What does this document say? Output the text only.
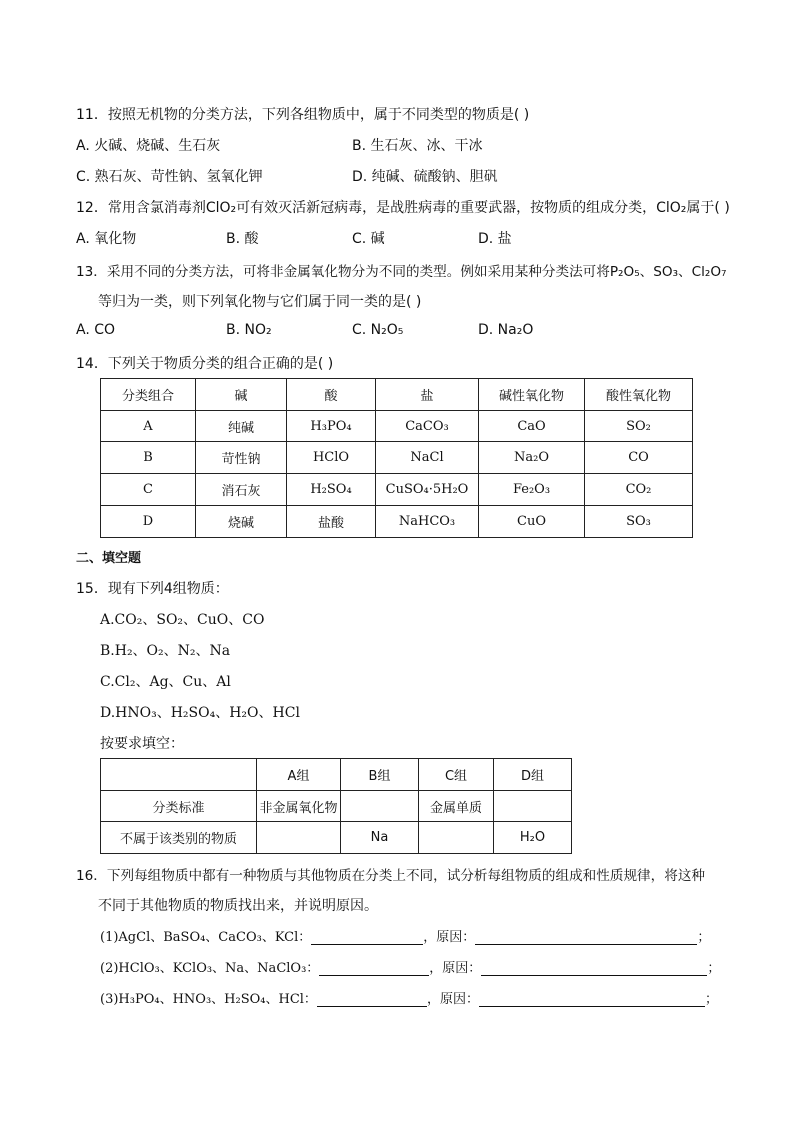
11．按照无机物的分类方法，下列各组物质中，属于不同类型的物质是( )
A. 火碱、烧碱、生石灰	B. 生石灰、冰、干冰
C. 熟石灰、苛性钠、氢氧化钾	D. 纯碱、硫酸钠、胆矾
12．常用含氯消毒剂ClO₂可有效灭活新冠病毒，是战胜病毒的重要武器，按物质的组成分类，ClO₂属于( )
A. 氧化物	B. 酸	C. 碱	D. 盐
13．采用不同的分类方法，可将非金属氧化物分为不同的类型。例如采用某种分类法可将P₂O₅、SO₃、Cl₂O₇
等归为一类，则下列氧化物与它们属于同一类的是( )
A. CO	B. NO₂	C. N₂O₅	D. Na₂O
14．下列关于物质分类的组合正确的是( )
分类组合	碱	酸	盐	碱性氧化物	酸性氧化物
A	纯碱	H₃PO₄	CaCO₃	CaO	SO₂
B	苛性钠	HClO	NaCl	Na₂O	CO
C	消石灰	H₂SO₄	CuSO₄·5H₂O	Fe₂O₃	CO₂
D	烧碱	盐酸	NaHCO₃	CuO	SO₃
二、填空题
15．现有下列4组物质：
A.CO₂、SO₂、CuO、CO
B.H₂、O₂、N₂、Na
C.Cl₂、Ag、Cu、Al
D.HNO₃、H₂SO₄、H₂O、HCl
按要求填空：
	A组	B组	C组	D组
分类标准	非金属氧化物		金属单质	
不属于该类别的物质		Na		H₂O
16．下列每组物质中都有一种物质与其他物质在分类上不同，试分析每组物质的组成和性质规律，将这种
不同于其他物质的物质找出来，并说明原因。
(1)AgCl、BaSO₄、CaCO₃、KCl：	，原因：	；
(2)HClO₃、KClO₃、Na、NaClO₃：	，原因：	；
(3)H₃PO₄、HNO₃、H₂SO₄、HCl：	，原因：	；
